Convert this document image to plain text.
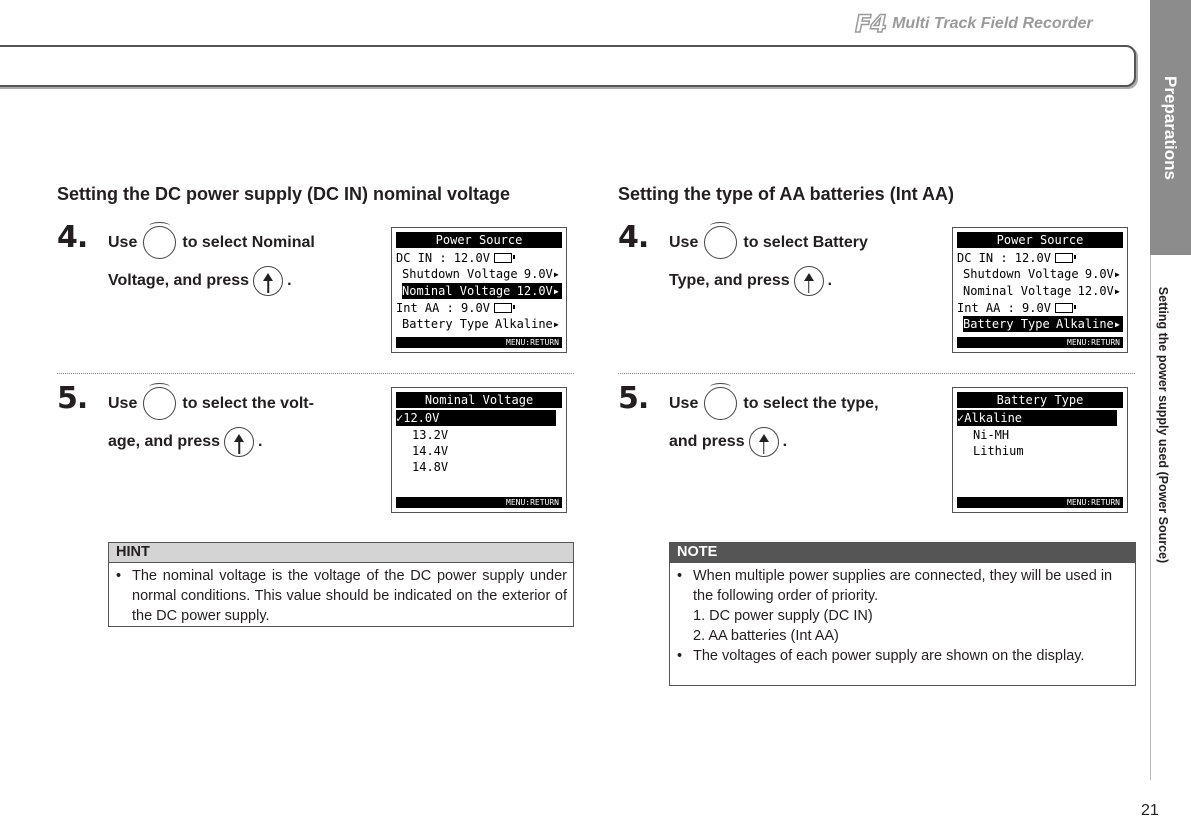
F4 Multi Track Field Recorder
Preparations
Setting the power supply used (Power Source)
Setting the DC power supply (DC IN) nominal voltage
4. Use	to select Nominal
Voltage, and press .
Power Source
DC IN : 12.0V
Shutdown Voltage 9.0V▸
Nominal Voltage 12.0V▸
Int AA : 9.0V
Battery Type Alkaline▸
MENU:RETURN
5. Use	to select the volt-
age, and press .
Nominal Voltage
✓12.0V
13.2V
14.4V
14.8V
MENU:RETURN
HINT
• The nominal voltage is the voltage of the DC power supply under normal conditions. This value should be indicated on the exterior of the DC power supply.
Setting the type of AA batteries (Int AA)
4. Use	to select Battery
Type, and press .
Power Source
DC IN : 12.0V
Shutdown Voltage 9.0V▸
Nominal Voltage 12.0V▸
Int AA : 9.0V
Battery Type Alkaline▸
MENU:RETURN
5. Use	to select the type,
and press .
Battery Type
✓Alkaline
Ni-MH
Lithium
MENU:RETURN
NOTE
• When multiple power supplies are connected, they will be used in the following order of priority.
1. DC power supply (DC IN)
2. AA batteries (Int AA)
• The voltages of each power supply are shown on the display.
21
